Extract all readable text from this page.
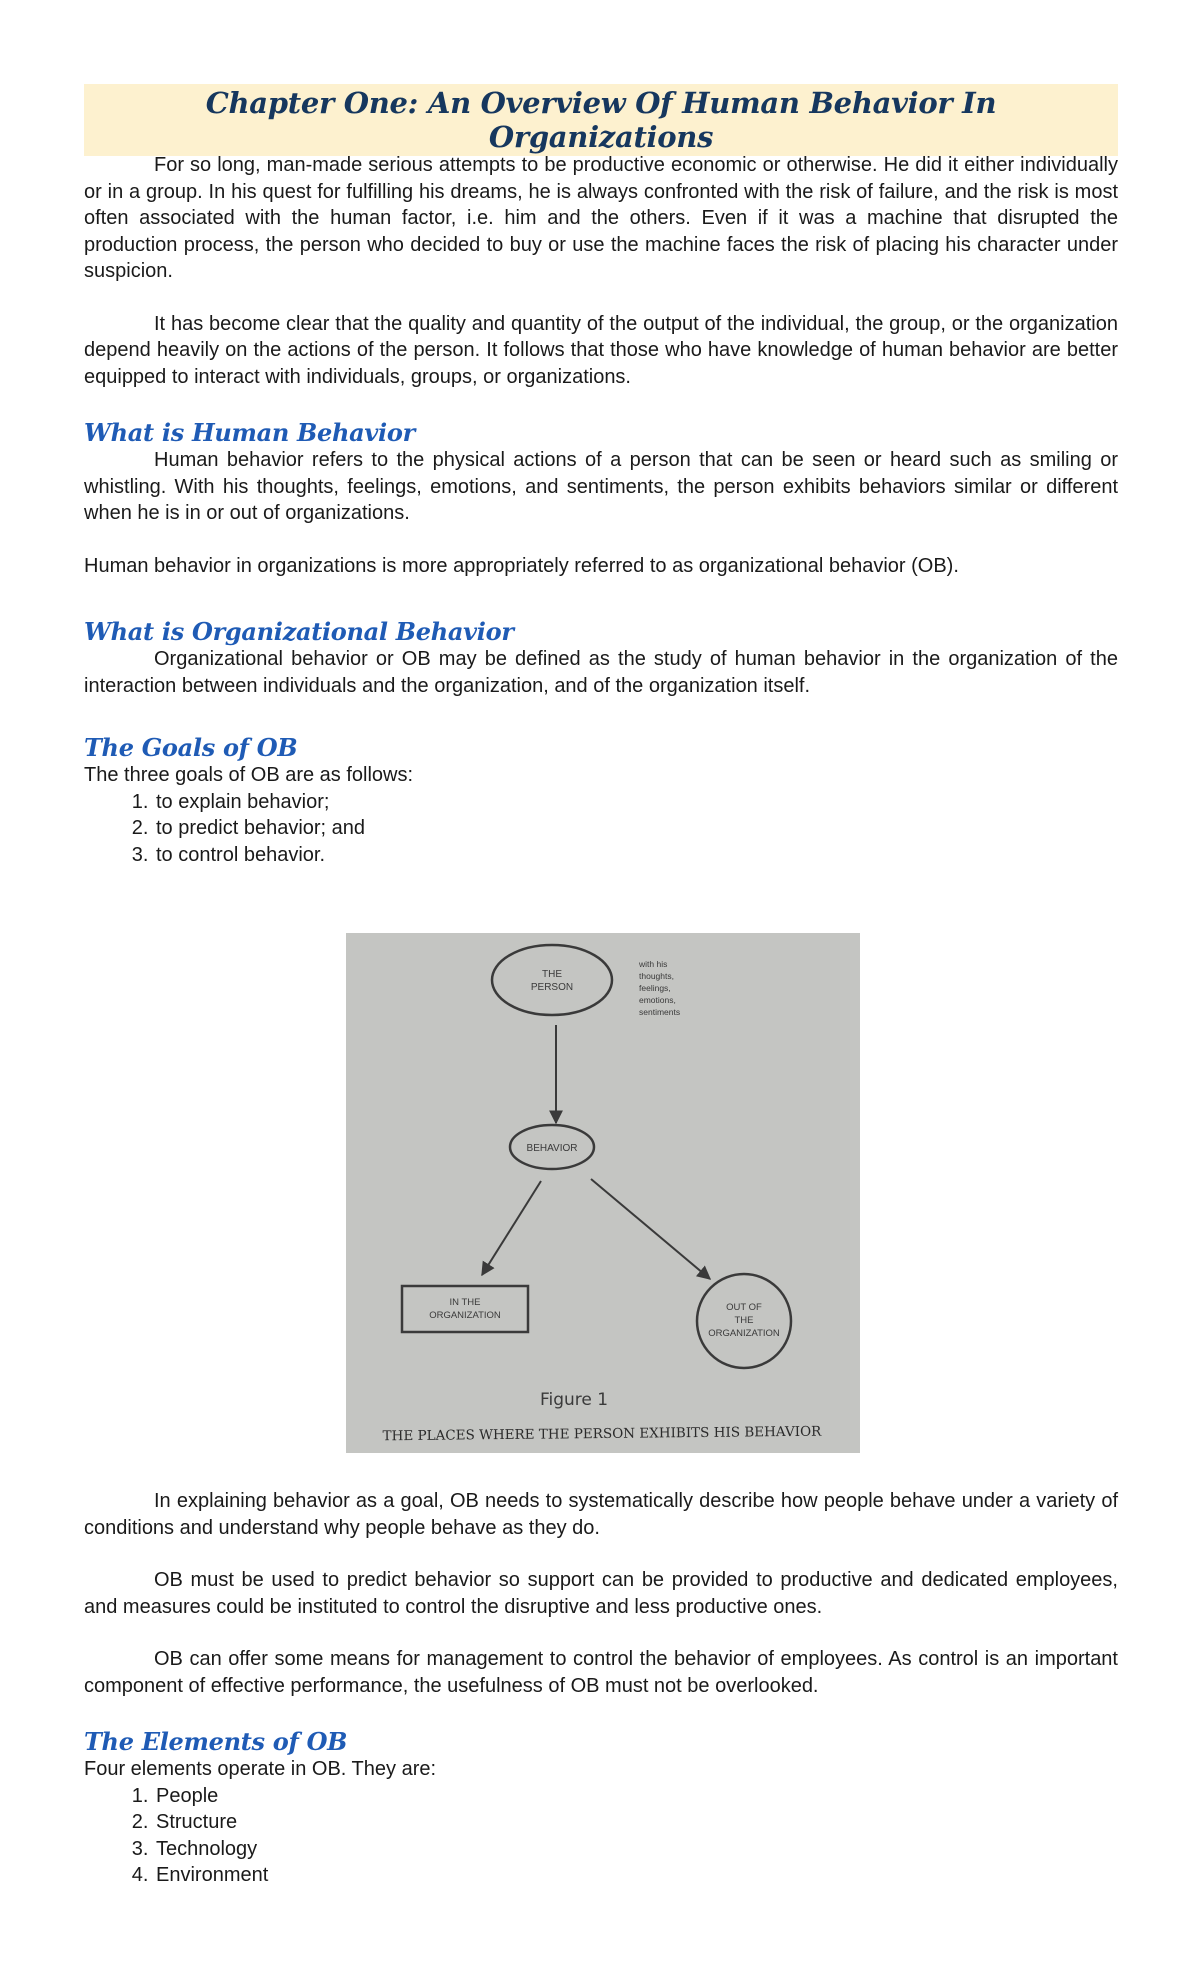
Chapter One: An Overview Of Human Behavior In Organizations

For so long, man-made serious attempts to be productive economic or otherwise. He did it either individually or in a group. In his quest for fulfilling his dreams, he is always confronted with the risk of failure, and the risk is most often associated with the human factor, i.e. him and the others. Even if it was a machine that disrupted the production process, the person who decided to buy or use the machine faces the risk of placing his character under suspicion.

It has become clear that the quality and quantity of the output of the individual, the group, or the organization depend heavily on the actions of the person. It follows that those who have knowledge of human behavior are better equipped to interact with individuals, groups, or organizations.

What is Human Behavior

Human behavior refers to the physical actions of a person that can be seen or heard such as smiling or whistling. With his thoughts, feelings, emotions, and sentiments, the person exhibits behaviors similar or different when he is in or out of organizations.

Human behavior in organizations is more appropriately referred to as organizational behavior (OB).

What is Organizational Behavior

Organizational behavior or OB may be defined as the study of human behavior in the organization of the interaction between individuals and the organization, and of the organization itself.

The Goals of OB

The three goals of OB are as follows:

1. to explain behavior;
2. to predict behavior; and
3. to control behavior.
THE
PERSON
with his
thoughts,
feelings,
emotions,
sentiments
BEHAVIOR
IN THE
ORGANIZATION
OUT OF
THE
ORGANIZATION
Figure 1
THE PLACES WHERE THE PERSON EXHIBITS HIS BEHAVIOR

In explaining behavior as a goal, OB needs to systematically describe how people behave under a variety of conditions and understand why people behave as they do.

OB must be used to predict behavior so support can be provided to productive and dedicated employees, and measures could be instituted to control the disruptive and less productive ones.

OB can offer some means for management to control the behavior of employees. As control is an important component of effective performance, the usefulness of OB must not be overlooked.

The Elements of OB

Four elements operate in OB. They are:

1. People
2. Structure
3. Technology
4. Environment
